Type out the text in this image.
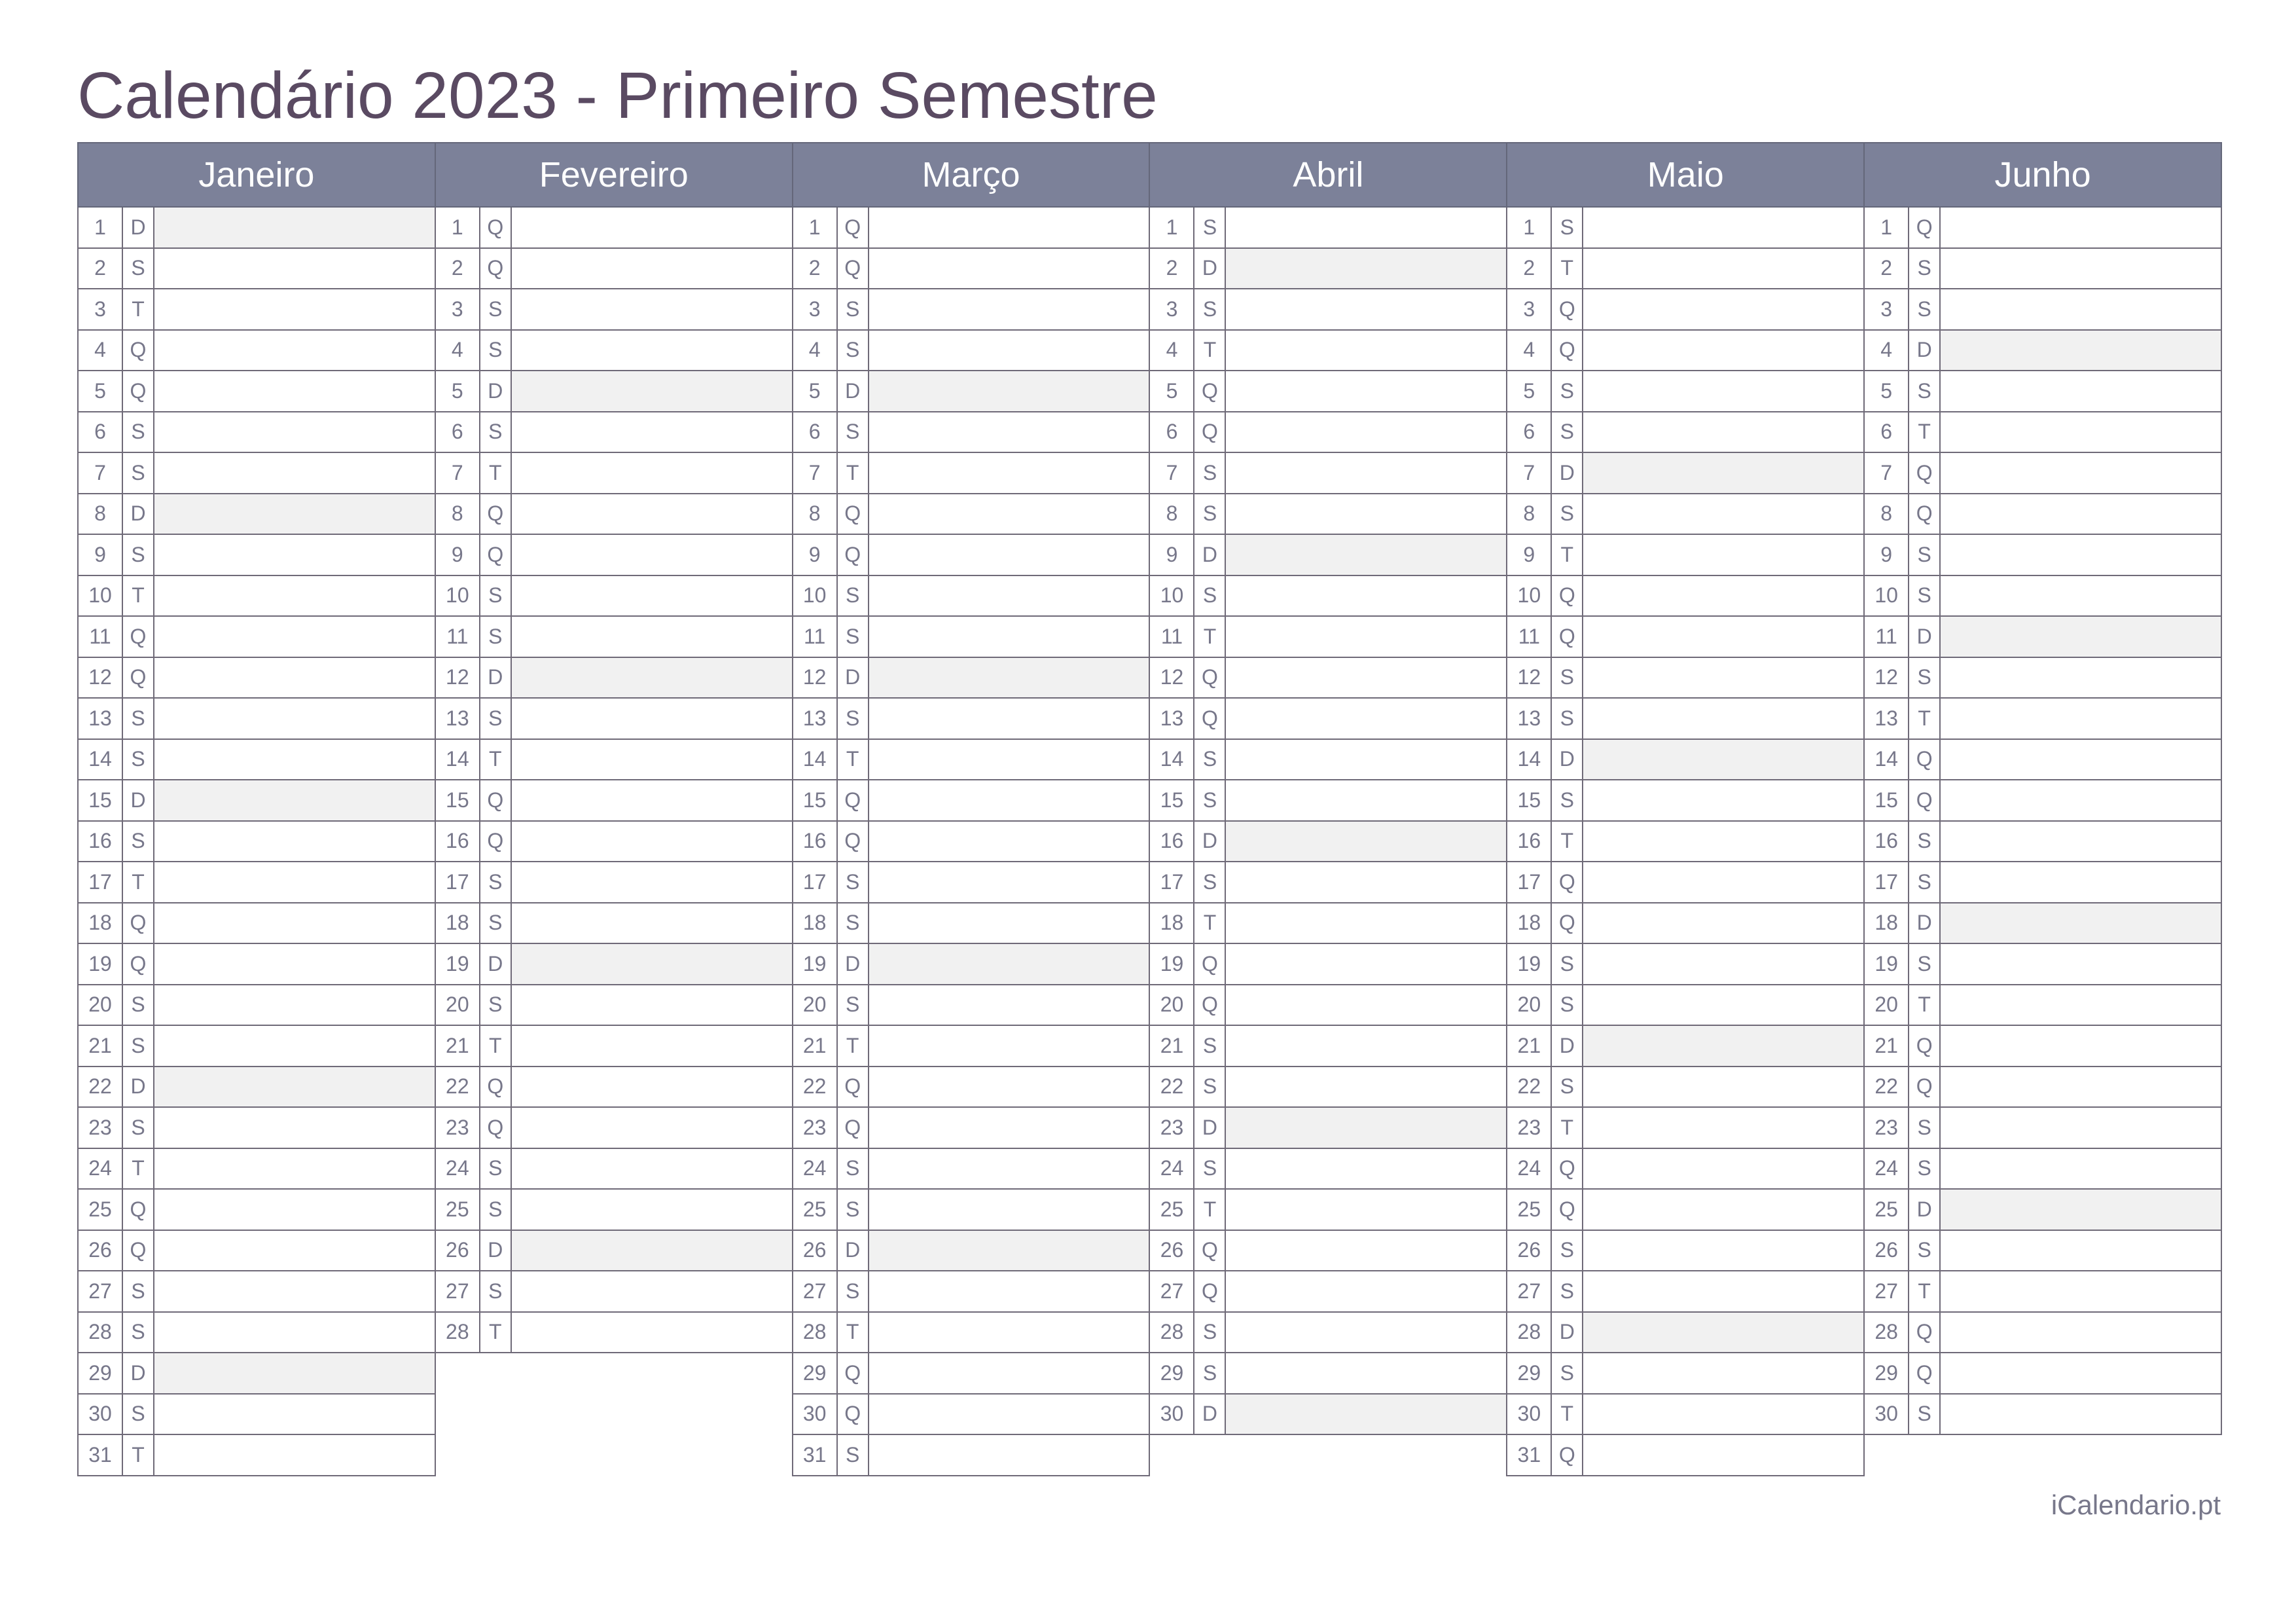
Calendário 2023 - Primeiro Semestre
Janeiro
1	D
2	S
3	T
4	Q
5	Q
6	S
7	S
8	D
9	S
10 T
11 Q
12 Q
13 S
14 S
15 D
16 S
17 T
18 Q
19 Q
20 S
21 S
22 D
23 S
24 T
25 Q
26 Q
27 S
28 S
29 D
30 S
31 T
Fevereiro
1	Q
2	Q
3	S
4	S
5	D
6	S
7	T
8	Q
9	Q
10 S
11 S
12 D
13 S
14 T
15 Q
16 Q
17 S
18 S
19 D
20 S
21 T
22 Q
23 Q
24 S
25 S
26 D
27 S
28 T
Março
1	Q
2	Q
3	S
4	S
5	D
6	S
7	T
8	Q
9	Q
10 S
11 S
12 D
13 S
14 T
15 Q
16 Q
17 S
18 S
19 D
20 S
21 T
22 Q
23 Q
24 S
25 S
26 D
27 S
28 T
29 Q
30 Q
31 S
Abril
1	S
2	D
3	S
4	T
5	Q
6	Q
7	S
8	S
9	D
10 S
11 T
12 Q
13 Q
14 S
15 S
16 D
17 S
18 T
19 Q
20 Q
21 S
22 S
23 D
24 S
25 T
26 Q
27 Q
28 S
29 S
30 D
Maio
1	S
2	T
3	Q
4	Q
5	S
6	S
7	D
8	S
9	T
10 Q
11 Q
12 S
13 S
14 D
15 S
16 T
17 Q
18 Q
19 S
20 S
21 D
22 S
23 T
24 Q
25 Q
26 S
27 S
28 D
29 S
30 T
31 Q
Junho
1	Q
2	S
3	S
4	D
5	S
6	T
7	Q
8	Q
9	S
10 S
11 D
12 S
13 T
14 Q
15 Q
16 S
17 S
18 D
19 S
20 T
21 Q
22 Q
23 S
24 S
25 D
26 S
27 T
28 Q
29 Q
30 S
iCalendario.pt
